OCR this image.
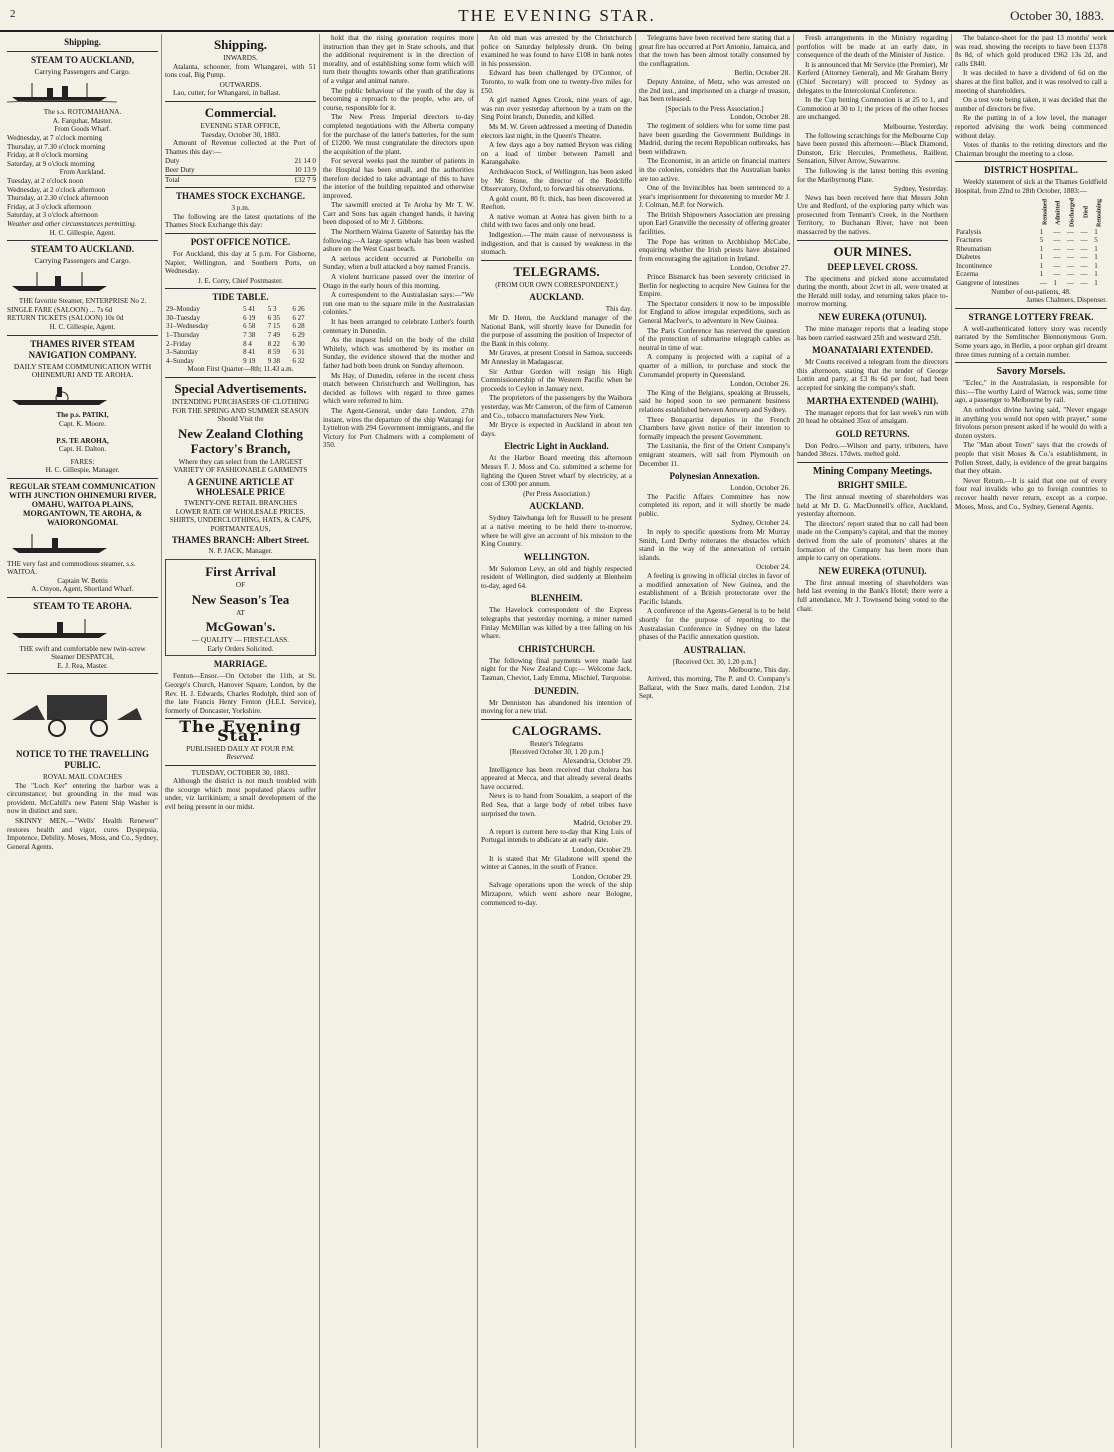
2	THE EVENING STAR.	October 30, 1883.
Shipping.
STEAM TO AUCKLAND,
Carrying Passengers and Cargo.
The s.s. ROTOMAHANA.
A. Farquhar, Master.
From Goods Wharf.
Wednesday, at 7 o'clock morning
Thursday, at 7.30 o'clock morning
Friday, at 8 o'clock morning
Saturday, at 9 o'clock morning
From Auckland.
Tuesday, at 2 o'clock noon
Wednesday, at 2 o'clock afternoon
Thursday, at 2.30 o'clock afternoon
Friday, at 3 o'clock afternoon
Saturday, at 3 o'clock afternoon
Weather and other circumstances permitting.
H. C. Gillespie, Agent.
STEAM TO AUCKLAND.
Carrying Passengers and Cargo.
THE favorite Steamer, ENTERPRISE No 2.
SINGLE FARE (SALOON) ... 7s 6d
RETURN TICKETS (SALOON) 10s 0d
H. C. Gillespie, Agent.
THAMES RIVER STEAM NAVIGATION COMPANY.
DAILY STEAM COMMUNICATION WITH OHINEMURI AND TE AROHA.
The p.s. PATIKI,
Capt. K. Moore.
P.S. TE AROHA,
Capt. H. Dalton.
FARES:
H. C. Gillespie, Manager.
REGULAR STEAM COMMUNICATION WITH JUNCTION OHINEMURI RIVER, OMAHU, WAITOA PLAINS, MORGANTOWN, TE AROHA, & WAIORONGOMAI.
THE very fast and commodious steamer, s.s. WAITOA.
Captain W. Bettis
A. Onyon, Agent, Shortland Wharf.
STEAM TO TE AROHA.
THE swift and comfortable new twin-screw Steamer DESPATCH,
E. J. Rea, Master.
NOTICE TO THE TRAVELLING PUBLIC.
ROYAL MAIL COACHES

The "Loch Ker" entering the harbor was a circumstance; but grounding in the mud was provident. McCahill's new Patent Ship Washer is now in distinct and sure.

SKINNY MEN.—"Wells' Health Renewer" restores health and vigor, cures Dyspepsia, Impotence, Debility. Moses, Moss, and Co., Sydney, General Agents.

Shipping.
INWARDS.

Atalanta, schooner, from Whangarei, with 51 tons coal, Big Pump.

OUTWARDS.

Lao, cutter, for Whangarei, in ballast.

Commercial.
EVENING STAR OFFICE,
Tuesday, October 30, 1883.

Amount of Revenue collected at the Port of Thames this day:—

Duty	21 14 0
Beer Duty	10 13 9
Total	£32 7 9
THAMES STOCK EXCHANGE.
3 p.m.

The following are the latest quotations of the Thames Stock Exchange this day:

POST OFFICE NOTICE.

For Auckland, this day at 5 p.m. For Gisborne, Napier, Wellington, and Southern Ports, on Wednesday.

J. E. Corry, Chief Postmaster.
TIDE TABLE.
29–Monday	5 41	5 3	6 26
30–Tuesday	6 19	6 35	6 27
31–Wednesday	6 58	7 15	6 28
1–Thursday	7 38	7 49	6 29
2–Friday	8 4	8 22	6 30
3–Saturday	8 41	8 59	6 31
4–Sunday	9 19	9 38	6 32
Moon First Quarter—8th; 11.43 a.m.
Special Advertisements.
INTENDING PURCHASERS OF CLOTHING
FOR THE SPRING AND SUMMER SEASON Should Visit the
New Zealand Clothing Factory's Branch,
Where they can select from the LARGEST VARIETY OF FASHIONABLE GARMENTS
A GENUINE ARTICLE AT WHOLESALE PRICE
TWENTY-ONE RETAIL BRANCHES
LOWER RATE OF WHOLESALE PRICES.
SHIRTS, UNDERCLOTHING, HATS, & CAPS, PORTMANTEAUS,
THAMES BRANCH: Albert Street.
N. P. JACK, Manager.
First Arrival
OF
New Season's Tea
AT
McGowan's.
— QUALITY — FIRST-CLASS.
Early Orders Solicited.
MARRIAGE.

Fenton—Ensor.—On October the 11th, at St. George's Church, Hanover Square, London, by the Rev. H. J. Edwards, Charles Rodolph, third son of the late Francis Henry Fenton (H.E.I. Service), formerly of Doncaster, Yorkshire.

The Evening Star.
PUBLISHED DAILY AT FOUR P.M.
Reserved.
TUESDAY, OCTOBER 30, 1883.

Although the district is not much troubled with the scourge which most populated places suffer under, viz larrikinism; a small development of the evil being present in our midst.

hold that the rising generation requires more instruction than they get in State schools, and that the additional requirement is in the direction of morality, and of establishing some form which will turn their thoughts towards other than gratifications of a vulgar and animal nature.

The public behaviour of the youth of the day is becoming a reproach to the people, who are, of course, responsible for it.

The New Press Imperial directors to-day completed negotiations with the Alberta company for the purchase of the latter's batteries, for the sum of £1200. We must congratulate the directors upon the acquisition of the plant.

For several weeks past the number of patients in the Hospital has been small, and the authorities therefore decided to take advantage of this to have the interior of the building repainted and otherwise improved.

The sawmill erected at Te Aroha by Mr T. W. Carr and Sons has again changed hands, it having been disposed of to Mr J. Gibbons.

The Northern Wairoa Gazette of Saturday has the following:—A large sperm whale has been washed ashore on the West Coast beach.

A serious accident occurred at Portobello on Sunday, when a bull attacked a boy named Francis.

A violent hurricane passed over the interior of Otago in the early hours of this morning.

A correspondent to the Australasian says:—"We run one man to the square mile in the Australasian colonies."

It has been arranged to celebrate Luther's fourth centenary in Dunedin.

As the inquest held on the body of the child Whitely, which was smothered by its mother on Sunday, the evidence showed that the mother and father had both been drunk on Sunday afternoon.

Ms Hay, of Dunedin, referee in the recent chess match between Christchurch and Wellington, has decided as follows with regard to three games which were referred to him.

The Agent-General, under date London, 27th instant, wires the departure of the ship Waitangi for Lyttelton with 294 Government immigrants, and the Victory for Port Chalmers with a complement of 350.

An old man was arrested by the Christchurch police on Saturday helplessly drunk. On being examined he was found to have £108 in bank notes in his possession.

Edward has been challenged by O'Connor, of Toronto, to walk from one to twenty-five miles for £50.

A girl named Agnes Crook, nine years of age, was run over yesterday afternoon by a tram on the Sing Point branch, Dunedin, and killed.

Ms M. W. Green addressed a meeting of Dunedin electors last night, in the Queen's Theatre.

A few days ago a boy named Bryson was riding on a load of timber between Parnell and Karangahake.

Archdeacon Stock, of Wellington, has been asked by Mr Stone, the director of the Redcliffe Observatory, Oxford, to forward his observations.

A gold count, 80 ft. thick, has been discovered at Reefton.

A native woman at Aotea has given birth to a child with two faces and only one head.

Indigestion.—The main cause of nervousness is indigestion, and that is caused by weakness in the stomach.

TELEGRAMS.
(FROM OUR OWN CORRESPONDENT.)
AUCKLAND.
This day.

Mr D. Henn, the Auckland manager of the National Bank, will shortly leave for Dunedin for the purpose of assuming the position of Inspector of the Bank in this colony.

Mr Graves, at present Consul in Samoa, succeeds Mr Anneslay in Madagascar.

Sir Arthur Gordon will resign his High Commissionership of the Western Pacific when he proceeds to Ceylon in January next.

The proprietors of the passengers by the Waihora yesterday, was Mr Cameron, of the firm of Cameron and Co., tobacco manufacturers New York.

Mr Bryce is expected in Auckland in about ten days.

Electric Light in Auckland.

At the Harbor Board meeting this afternoon Messrs F. J. Moss and Co. submitted a scheme for lighting the Queen Street wharf by electricity, at a cost of £300 per annum.

(Per Press Association.)
AUCKLAND.

Sydney Taiwhanga left for Russell to be present at a native meeting to be held there to-morrow, where he will give an account of his mission to the King Country.

WELLINGTON.

Mr Solomon Levy, an old and highly respected resident of Wellington, died suddenly at Blenheim to-day, aged 64.

BLENHEIM.

The Havelock correspondent of the Express telegraphs that yesterday morning, a miner named Finlay McMillan was killed by a tree falling on his whare.

CHRISTCHURCH.

The following final payments were made last night for the New Zealand Cup:— Welcome Jack, Tasman, Cheviot, Lady Emma, Mischief, Turquoise.

DUNEDIN.

Mr Denniston has abandoned his intention of moving for a new trial.

CALOGRAMS.
Reuter's Telegrams
[Received October 30, 1 20 p.m.]
Alexandria, October 29.

Intelligence has been received that cholera has appeared at Mecca, and that already several deaths have occurred.

News is to hand from Souakim, a seaport of the Red Sea, that a large body of rebel tribes have surprised the town.

Madrid, October 29.

A report is current here to-day that King Luis of Portugal intends to abdicate at an early date.

London, October 29.

It is stated that Mr Gladstone will spend the winter at Cannes, in the south of France.

London, October 29.

Salvage operations upon the wreck of the ship Mirzapore, which went ashore near Bologne, commenced to-day.

Telegrams have been received here stating that a great fire has occurred at Port Antonio, Jamaica, and that the town has been almost totally consumed by the conflagration.

Berlin, October 28.

Deputy Antoine, of Metz, who was arrested on the 2nd inst., and imprisoned on a charge of treason, has been released.

[Specials to the Press Association.]
London, October 28.

The regiment of soldiers who for some time past have been guarding the Government Buildings in Madrid, during the recent Republican outbreaks, has been withdrawn.

The Economist, in an article on financial matters in the colonies, considers that the Australian banks are too active.

One of the Invincibles has been sentenced to a year's imprisonment for threatening to murder Mr J. J. Colman, M.P. for Norwich.

The British Shipowners Association are pressing upon Earl Granville the necessity of offering greater facilities.

The Pope has written to Archbishop McCabe, enquiring whether the Irish priests have abstained from encouraging the agitation in Ireland.

London, October 27.

Prince Bismarck has been severely criticised in Berlin for neglecting to acquire New Guinea for the Empire.

The Spectator considers it now to be impossible for England to allow irregular expeditions, such as General MacIver's, to adventure in New Guinea.

The Paris Conference has reserved the question of the protection of submarine telegraph cables as neutral in time of war.

A company is projected with a capital of a quarter of a million, to purchase and stock the Coromandel property in Queensland.

London, October 26.

The King of the Belgians, speaking at Brussels, said he hoped soon to see permanent business relations established between Antwerp and Sydney.

Three Bonapartist deputies in the French Chambers have given notice of their intention to formally impeach the present Government.

The Lusitania, the first of the Orient Company's emigrant steamers, will sail from Plymouth on December 11.

Polynesian Annexation.
London, October 26.

The Pacific Affairs Committee has now completed its report, and it will shortly be made public.

Sydney, October 24.

In reply to specific questions from Mr Murray Smith, Lord Derby reiterates the obstacles which stand in the way of the annexation of certain islands.

October 24.

A feeling is growing in official circles in favor of a modified annexation of New Guinea, and the establishment of a British protectorate over the Pacific Islands.

A conference of the Agents-General is to be held shortly for the purpose of reporting to the Australasian Conference in Sydney on the latest phases of the Pacific annexation question.

AUSTRALIAN.
[Received Oct. 30, 1.20 p.m.]
Melbourne, This day.

Arrived, this morning, The P. and O. Company's Ballarat, with the Suez mails, dated London, 21st Sept.

Fresh arrangements in the Ministry regarding portfolios will be made at an early date, in consequence of the death of the Minister of Justice.

It is announced that Mr Service (the Premier), Mr Kerferd (Attorney General), and Mr Graham Berry (Chief Secretary) will proceed to Sydney as delegates to the Intercolonial Conference.

In the Cup betting Commotion is at 25 to 1, and Commotion at 30 to 1; the prices of the other horses are unchanged.

Melbourne, Yesterday.

The following scratchings for the Melbourne Cup have been posted this afternoon:—Black Diamond, Dunston, Eric Hercules, Prometheus, Railleur, Sensation, Silver Arrow, Suwarrow.

The following is the latest betting this evening for the Maribyrnong Plate.

Sydney, Yesterday.

News has been received here that Messrs John Ure and Redford, of the exploring party which was prosecuted from Tennant's Creek, in the Northern Territory, to Buchanan River, have not been massacred by the natives.

OUR MINES.
DEEP LEVEL CROSS.

The specimens and picked stone accumulated during the month, about 2cwt in all, were treated at the Herald mill today, and returning takes place to-morrow morning.

NEW EUREKA (OTUNUI).

The mine manager reports that a leading stope has been carried eastward 25ft and westward 25ft.

MOANATAIARI EXTENDED.

Mr Coutts received a telegram from the directors this afternoon, stating that the tender of George Lottin and party, at £3 8s 6d per foot, had been accepted for sinking the company's shaft.

MARTHA EXTENDED (WAIHI).

The manager reports that for last week's run with 20 head he obtained 35oz of amalgam.

GOLD RETURNS.

Don Pedro.—Wilson and party, tributers, have handed 38ozs. 17dwts. melted gold.

Mining Company Meetings.
BRIGHT SMILE.

The first annual meeting of shareholders was held at Mr D. G. MacDonnell's office, Auckland, yesterday afternoon.

The directors' report stated that no call had been made on the Company's capital, and that the money derived from the sale of promoters' shares at the formation of the Company has been more than ample to carry on operations.

NEW EUREKA (OTUNUI).

The first annual meeting of shareholders was held last evening in the Bank's Hotel; there were a full attendance, Mr J. Townsend being voted to the chair.

The balance-sheet for the past 13 months' work was read, showing the receipts to have been £1378 8s 8d, of which gold produced £962 13s 2d, and calls £840.

It was decided to have a dividend of 6d on the shares at the first ballot, and it was resolved to call a meeting of shareholders.

On a test vote being taken, it was decided that the number of directors be five.

Re the putting in of a low level, the manager reported advising the work being commenced without delay.

Votes of thanks to the retiring directors and the Chairman brought the meeting to a close.

DISTRICT HOSPITAL.

Weekly statement of sick at the Thames Goldfield Hospital, from 22nd to 28th October, 1883:—

	Remained	Admitted	Discharged	Died	Remaining
Paralysis	1	—	—	—	1
Fractures	5	—	—	—	5
Rheumatism	1	—	—	—	1
Diabetes	1	—	—	—	1
Incontinence	1	—	—	—	1
Eczema	1	—	—	—	1
Gangrene of intestines	—	1	—	—	1
Number of out-patients, 48.
James Chalmers, Dispenser.
STRANGE LOTTERY FREAK.

A well-authenticated lottery story was recently narrated by the Semlitscher Biennonymous Gorn. Some years ago, in Berlin, a poor orphan girl dreamt three times running of a certain number.

Savory Morsels.

"Eclec," in the Australasian, is responsible for this:—The worthy Laird of Warrock was, some time ago, a passenger to Melbourne by rail.

An orthodox divine having said, "Never engage in anything you would not open with prayer," some frivolous person present asked if he would do with a dozen oysters.

The "Man about Town" says that the crowds of people that visit Moses & Co.'s establishment, in Pollen Street, daily, is evidence of the great bargains that they obtain.

Never Return.—It is said that one out of every four real invalids who go to foreign countries to recover health never return, except as a corpse. Moses, Moss, and Co., Sydney, General Agents.
